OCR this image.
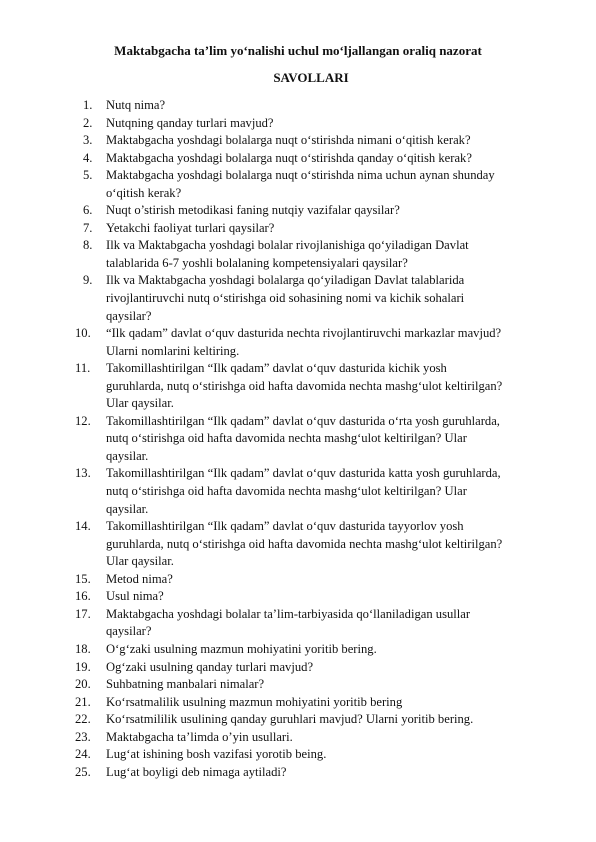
Maktabgacha ta’lim yo‘nalishi uchul mo‘ljallangan oraliq nazorat
SAVOLLARI
1.	Nutq nima?
2.	Nutqning qanday turlari mavjud?
3.	Maktabgacha yoshdagi bolalarga nuqt o‘stirishda nimani o‘qitish kerak?
4.	Maktabgacha yoshdagi bolalarga nuqt o‘stirishda qanday o‘qitish kerak?
5.	Maktabgacha yoshdagi bolalarga nuqt o‘stirishda nima uchun aynan shunday
o‘qitish kerak?
6.	Nuqt o’stirish metodikasi faning nutqiy vazifalar qaysilar?
7.	Yetakchi faoliyat turlari qaysilar?
8.	Ilk va Maktabgacha yoshdagi bolalar rivojlanishiga qo‘yiladigan Davlat
talablarida 6-7 yoshli bolalaning kompetensiyalari qaysilar?
9.	Ilk va Maktabgacha yoshdagi bolalarga qo‘yiladigan Davlat talablarida
rivojlantiruvchi nutq o‘stirishga oid sohasining nomi va kichik sohalari
qaysilar?
10.	“Ilk qadam” davlat o‘quv dasturida nechta rivojlantiruvchi markazlar mavjud?
Ularni nomlarini keltiring.
11.	Takomillashtirilgan “Ilk qadam” davlat o‘quv dasturida kichik yosh
guruhlarda, nutq o‘stirishga oid hafta davomida nechta mashg‘ulot keltirilgan?
Ular qaysilar.
12.	Takomillashtirilgan “Ilk qadam” davlat o‘quv dasturida o‘rta yosh guruhlarda,
nutq o‘stirishga oid hafta davomida nechta mashg‘ulot keltirilgan? Ular
qaysilar.
13.	Takomillashtirilgan “Ilk qadam” davlat o‘quv dasturida katta yosh guruhlarda,
nutq o‘stirishga oid hafta davomida nechta mashg‘ulot keltirilgan? Ular
qaysilar.
14.	Takomillashtirilgan “Ilk qadam” davlat o‘quv dasturida tayyorlov yosh
guruhlarda, nutq o‘stirishga oid hafta davomida nechta mashg‘ulot keltirilgan?
Ular qaysilar.
15.	Metod nima?
16.	Usul nima?
17.	Maktabgacha yoshdagi bolalar ta’lim-tarbiyasida qo‘llaniladigan usullar
qaysilar?
18.	O‘g‘zaki usulning mazmun mohiyatini yoritib bering.
19.	Og‘zaki usulning qanday turlari mavjud?
20.	Suhbatning manbalari nimalar?
21.	Ko‘rsatmalilik usulning mazmun mohiyatini yoritib bering
22.	Ko‘rsatmililik usulining qanday guruhlari mavjud? Ularni yoritib bering.
23.	Maktabgacha ta’limda o’yin usullari.
24.	Lug‘at ishining bosh vazifasi yorotib being.
25.	Lug‘at boyligi deb nimaga aytiladi?
